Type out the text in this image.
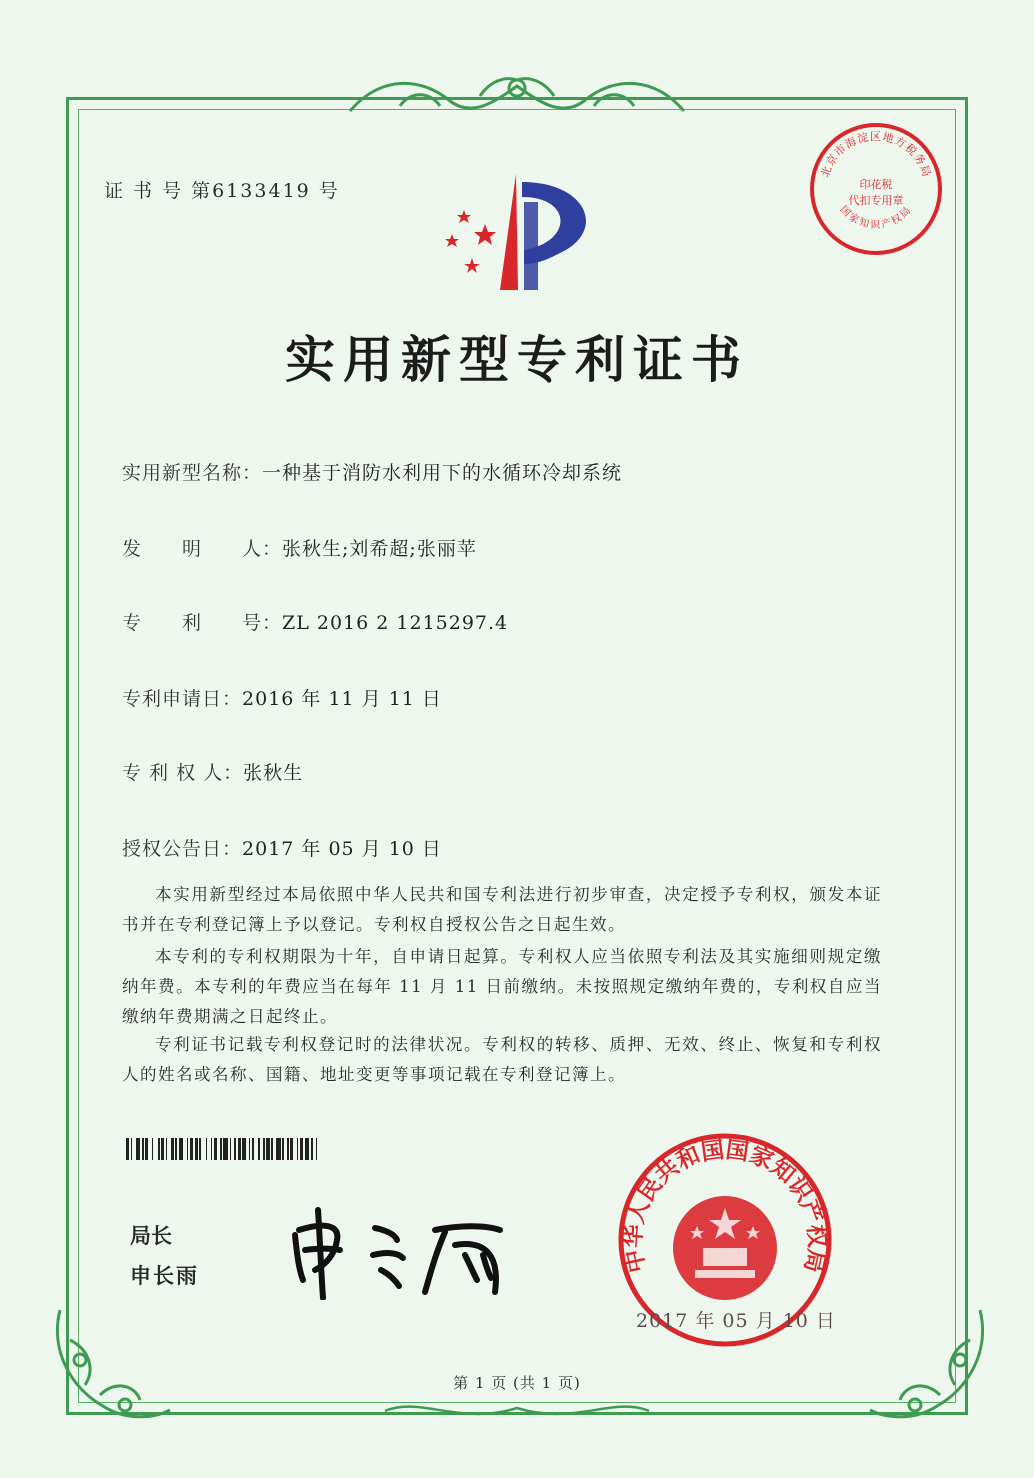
证 书 号 第6133419 号
北京市海淀区地方税务局
国家知识产权局
印花税
代扣专用章
实用新型专利证书
实用新型名称：一种基于消防水利用下的水循环冷却系统
发　　明　　人：张秋生;刘希超;张丽苹
专　　利　　号：ZL 2016 2 1215297.4
专利申请日：2016 年 11 月 11 日
专 利 权 人：张秋生
授权公告日：2017 年 05 月 10 日
本实用新型经过本局依照中华人民共和国专利法进行初步审查，决定授予专利权，颁发本证书并在专利登记簿上予以登记。专利权自授权公告之日起生效。
本专利的专利权期限为十年，自申请日起算。专利权人应当依照专利法及其实施细则规定缴纳年费。本专利的年费应当在每年 11 月 11 日前缴纳。未按照规定缴纳年费的，专利权自应当缴纳年费期满之日起终止。
专利证书记载专利权登记时的法律状况。专利权的转移、质押、无效、终止、恢复和专利权人的姓名或名称、国籍、地址变更等事项记载在专利登记簿上。
局长
申长雨
中华人民共和国国家知识产权局
2017 年 05 月 10 日
第 1 页 (共 1 页)
